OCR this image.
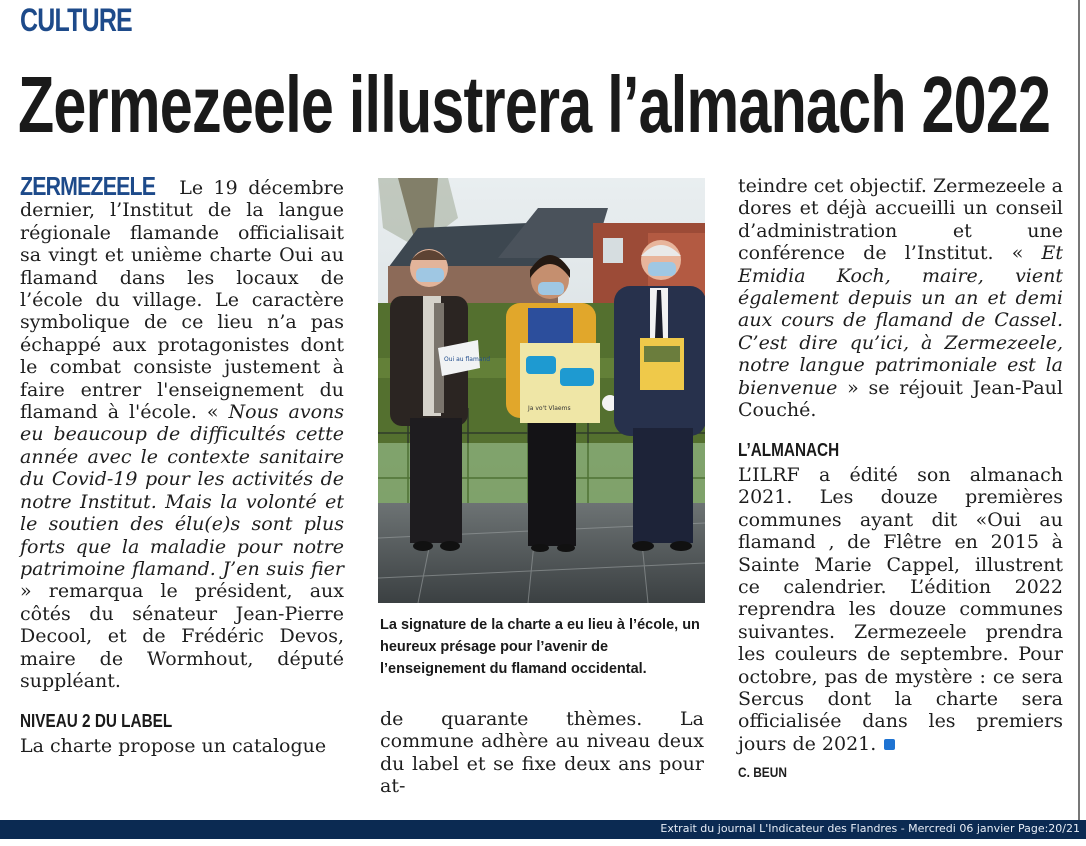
CULTURE
Zermezeele illustrera l’almanach 2022

ZERMEZEELE Le 19 décembre dernier, l’Institut de la langue régionale flamande officialisait sa vingt et unième charte Oui au flamand dans les locaux de l’école du village. Le caractère symbolique de ce lieu n’a pas échappé aux protagonistes dont le combat consiste justement à faire entrer l'enseignement du flamand à l'école. « Nous avons eu beaucoup de difficultés cette année avec le contexte sanitaire du Covid-19 pour les activités de notre Institut. Mais la volonté et le soutien des élu(e)s sont plus forts que la maladie pour notre patrimoine flamand. J’en suis fier » remarqua le président, aux côtés du sénateur Jean-Pierre Decool, et de Frédéric Devos, maire de Wormhout, député suppléant.

NIVEAU 2 DU LABEL

La charte propose un catalogue

Oui au flamand
Ja vo't Vlaems
La signature de la charte a eu lieu à l’école, un heureux présage pour l’avenir de l’enseignement du flamand occidental.

de quarante thèmes. La commune adhère au niveau deux du label et se fixe deux ans pour at-

teindre cet objectif. Zermezeele a dores et déjà accueilli un conseil d’administration et une conférence de l’Institut. « Et Emidia Koch, maire, vient également depuis un an et demi aux cours de flamand de Cassel. C’est dire qu’ici, à Zermezeele, notre langue patrimoniale est la bienvenue » se réjouit Jean-Paul Couché.

L’ALMANACH

L’ILRF a édité son almanach 2021. Les douze premières communes ayant dit «Oui au flamand , de Flêtre en 2015 à Sainte Marie Cappel, illustrent ce calendrier. L’édition 2022 reprendra les douze communes suivantes. Zermezeele prendra les couleurs de septembre. Pour octobre, pas de mystère : ce sera Sercus dont la charte sera officialisée dans les premiers jours de 2021.

C. BEUN

Extrait du journal L'Indicateur des Flandres - Mercredi 06 janvier Page:20/21
